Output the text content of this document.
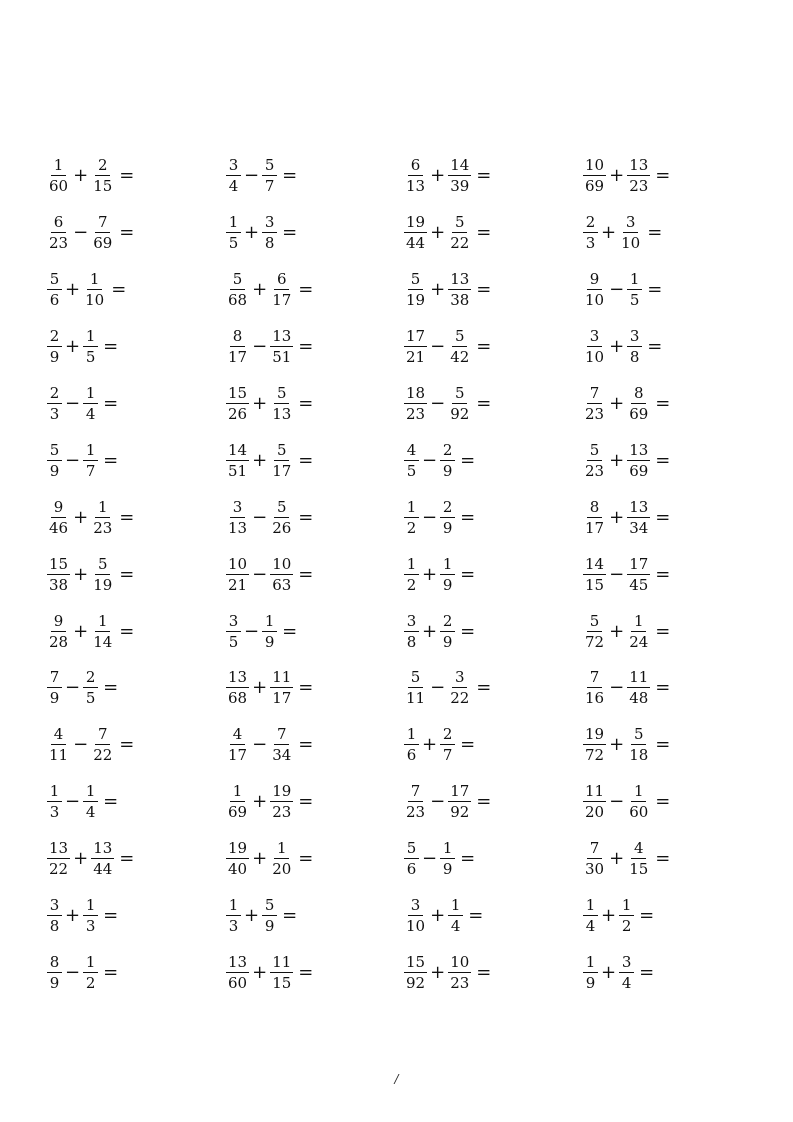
$\frac{1}{60} + \frac{2}{15}$ =	$\frac{3}{4} - \frac{5}{7}$ =	$\frac{6}{13} + \frac{14}{39}$ =	$\frac{10}{69} + \frac{13}{23}$ =
$\frac{6}{23} - \frac{7}{69}$ =	$\frac{1}{5} + \frac{3}{8}$ =	$\frac{19}{44} + \frac{5}{22}$ =	$\frac{2}{3} + \frac{3}{10}$ =
$\frac{5}{6} + \frac{1}{10}$ =	$\frac{5}{68} + \frac{6}{17}$ =	$\frac{5}{19} + \frac{13}{38}$ =	$\frac{9}{10} - \frac{1}{5}$ =
$\frac{2}{9} + \frac{1}{5}$ =	$\frac{8}{17} - \frac{13}{51}$ =	$\frac{17}{21} - \frac{5}{42}$ =	$\frac{3}{10} + \frac{3}{8}$ =
$\frac{2}{3} - \frac{1}{4}$ =	$\frac{15}{26} + \frac{5}{13}$ =	$\frac{18}{23} - \frac{5}{92}$ =	$\frac{7}{23} + \frac{8}{69}$ =
$\frac{5}{9} - \frac{1}{7}$ =	$\frac{14}{51} + \frac{5}{17}$ =	$\frac{4}{5} - \frac{2}{9}$ =	$\frac{5}{23} + \frac{13}{69}$ =
$\frac{9}{46} + \frac{1}{23}$ =	$\frac{3}{13} - \frac{5}{26}$ =	$\frac{1}{2} - \frac{2}{9}$ =	$\frac{8}{17} + \frac{13}{34}$ =
$\frac{15}{38} + \frac{5}{19}$ =	$\frac{10}{21} - \frac{10}{63}$ =	$\frac{1}{2} + \frac{1}{9}$ =	$\frac{14}{15} - \frac{17}{45}$ =
$\frac{9}{28} + \frac{1}{14}$ =	$\frac{3}{5} - \frac{1}{9}$ =	$\frac{3}{8} + \frac{2}{9}$ =	$\frac{5}{72} + \frac{1}{24}$ =
$\frac{7}{9} - \frac{2}{5}$ =	$\frac{13}{68} + \frac{11}{17}$ =	$\frac{5}{11} - \frac{3}{22}$ =	$\frac{7}{16} - \frac{11}{48}$ =
$\frac{4}{11} - \frac{7}{22}$ =	$\frac{4}{17} - \frac{7}{34}$ =	$\frac{1}{6} + \frac{2}{7}$ =	$\frac{19}{72} + \frac{5}{18}$ =
$\frac{1}{3} - \frac{1}{4}$ =	$\frac{1}{69} + \frac{19}{23}$ =	$\frac{7}{23} - \frac{17}{92}$ =	$\frac{11}{20} - \frac{1}{60}$ =
$\frac{13}{22} + \frac{13}{44}$ =	$\frac{19}{40} + \frac{1}{20}$ =	$\frac{5}{6} - \frac{1}{9}$ =	$\frac{7}{30} + \frac{4}{15}$ =
$\frac{3}{8} + \frac{1}{3}$ =	$\frac{1}{3} + \frac{5}{9}$ =	$\frac{3}{10} + \frac{1}{4}$ =	$\frac{1}{4} + \frac{1}{2}$ =
$\frac{8}{9} - \frac{1}{2}$ =	$\frac{13}{60} + \frac{11}{15}$ =	$\frac{15}{92} + \frac{10}{23}$ =	$\frac{1}{9} + \frac{3}{4}$ =
/
